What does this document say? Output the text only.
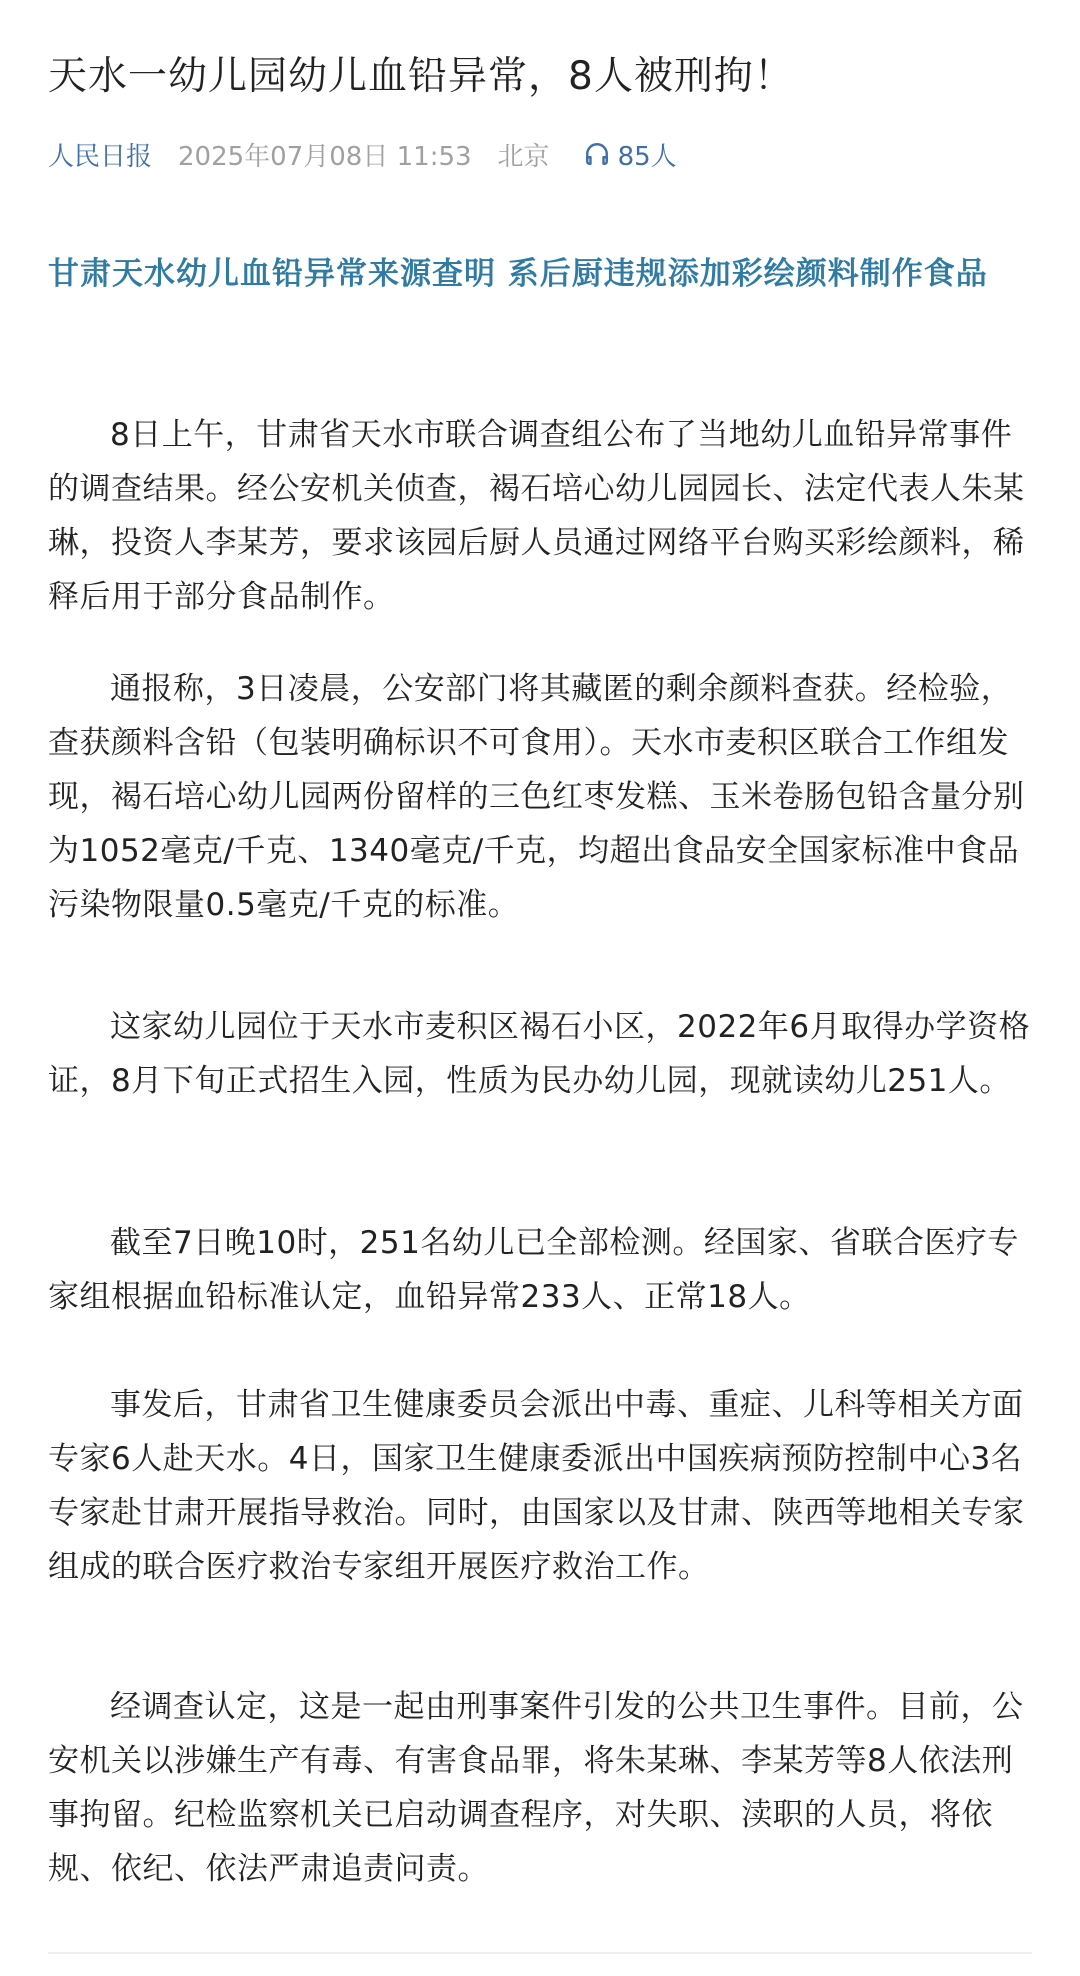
天水一幼儿园幼儿血铅异常，8人被刑拘！
人民日报 2025年07月08日 11:53 北京	85人
甘肃天水幼儿血铅异常来源查明 系后厨违规添加彩绘颜料制作食品

8日上午，甘肃省天水市联合调查组公布了当地幼儿血铅异常事件的调查结果。经公安机关侦查，褐石培心幼儿园园长、法定代表人朱某琳，投资人李某芳，要求该园后厨人员通过网络平台购买彩绘颜料，稀释后用于部分食品制作。

通报称，3日凌晨，公安部门将其藏匿的剩余颜料查获。经检验，查获颜料含铅（包装明确标识不可食用）。天水市麦积区联合工作组发现，褐石培心幼儿园两份留样的三色红枣发糕、玉米卷肠包铅含量分别为1052毫克/千克、1340毫克/千克，均超出食品安全国家标准中食品污染物限量0.5毫克/千克的标准。

这家幼儿园位于天水市麦积区褐石小区，2022年6月取得办学资格证，8月下旬正式招生入园，性质为民办幼儿园，现就读幼儿251人。

截至7日晚10时，251名幼儿已全部检测。经国家、省联合医疗专家组根据血铅标准认定，血铅异常233人、正常18人。

事发后，甘肃省卫生健康委员会派出中毒、重症、儿科等相关方面专家6人赴天水。4日，国家卫生健康委派出中国疾病预防控制中心3名专家赴甘肃开展指导救治。同时，由国家以及甘肃、陕西等地相关专家组成的联合医疗救治专家组开展医疗救治工作。

经调查认定，这是一起由刑事案件引发的公共卫生事件。目前，公安机关以涉嫌生产有毒、有害食品罪，将朱某琳、李某芳等8人依法刑事拘留。纪检监察机关已启动调查程序，对失职、渎职的人员，将依规、依纪、依法严肃追责问责。
